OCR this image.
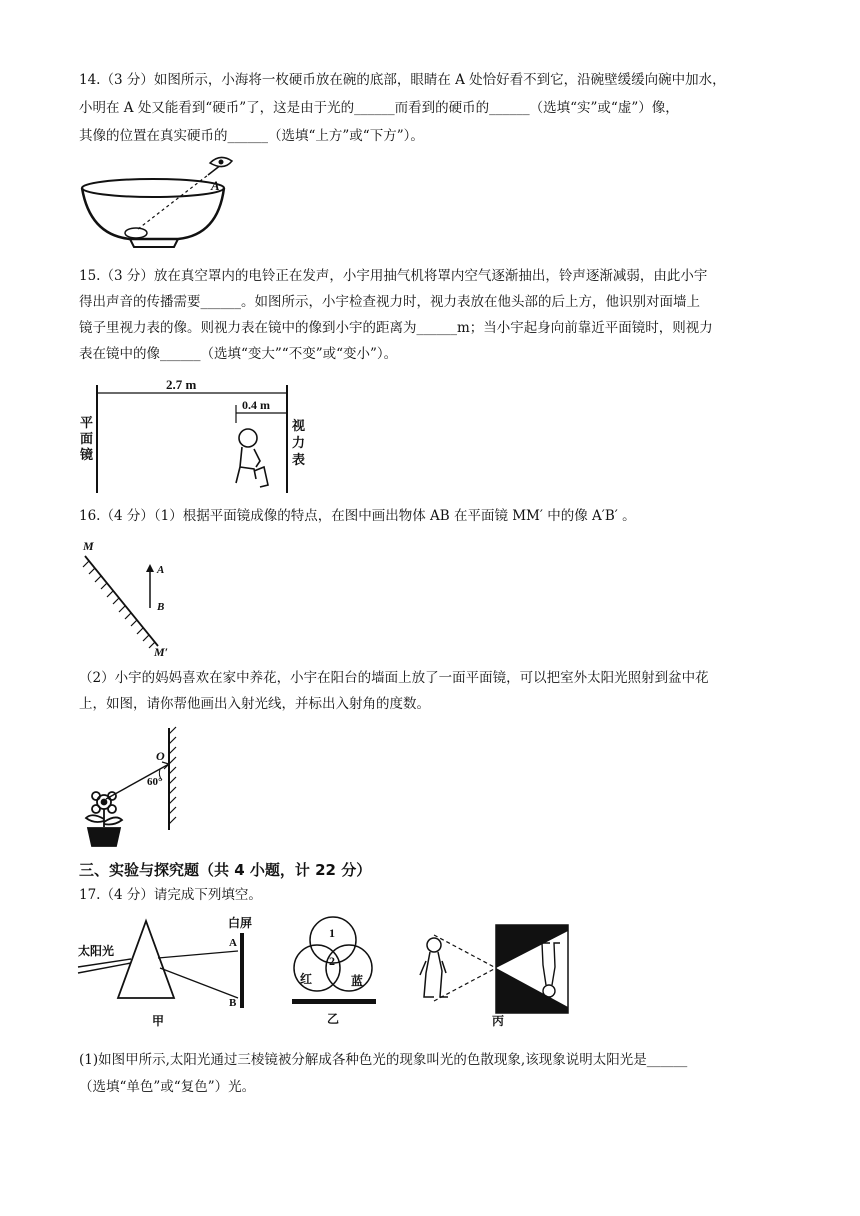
14.（3 分）如图所示，小海将一枚硬币放在碗的底部，眼睛在 A 处恰好看不到它，沿碗壁缓缓向碗中加水，
小明在 A 处又能看到“硬币”了，这是由于光的______而看到的硬币的______（选填“实”或“虚”）像，
其像的位置在真实硬币的______（选填“上方”或“下方”）。
A
15.（3 分）放在真空罩内的电铃正在发声，小宇用抽气机将罩内空气逐渐抽出，铃声逐渐减弱，由此小宇
得出声音的传播需要______。如图所示，小宇检查视力时，视力表放在他头部的后上方，他识别对面墙上
镜子里视力表的像。则视力表在镜中的像到小宇的距离为______m；当小宇起身向前靠近平面镜时，则视力
表在镜中的像______（选填“变大”“不变”或“变小”）。
2.7 m
0.4 m
平
面
镜
视
力
表
16.（4 分）（1）根据平面镜成像的特点，在图中画出物体 AB 在平面镜 MM′ 中的像 A′B′ 。
M
M′
A
B
（2）小宇的妈妈喜欢在家中养花，小宇在阳台的墙面上放了一面平面镜，可以把室外太阳光照射到盆中花
上，如图，请你帮他画出入射光线，并标出入射角的度数。
O
60°
三、实验与探究题（共 4 小题，计 22 分）
17.（4 分）请完成下列填空。
太阳光
白屏
A
B
甲
1
2
红	蓝
乙	丙
(1)如图甲所示,太阳光通过三棱镜被分解成各种色光的现象叫光的色散现象,该现象说明太阳光是______
（选填“单色”或“复色”）光。
